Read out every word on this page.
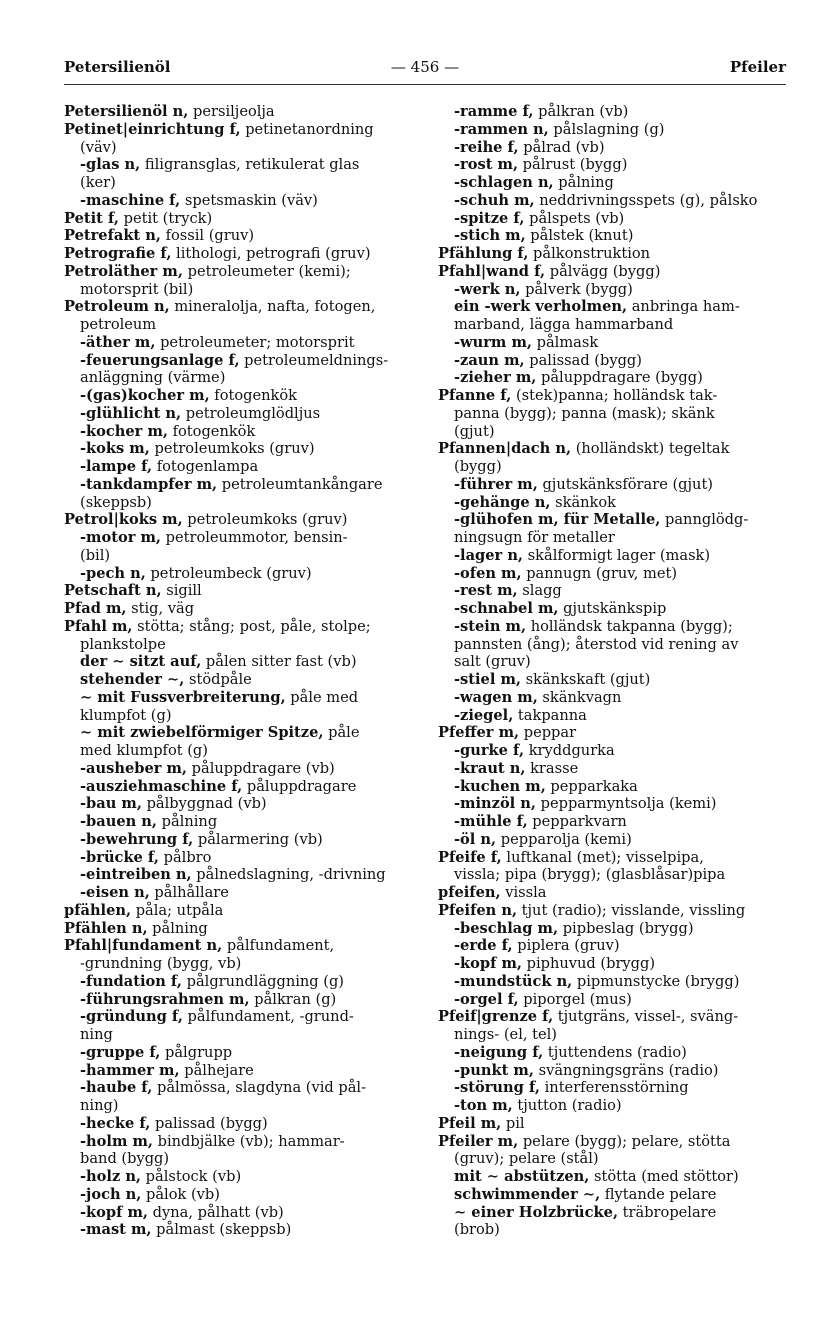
Petersilienöl	— 456 —	Pfeiler
Petersilienöl n, persiljeolja
Petinet|einrichtung f, petinetanordning
(väv)
-glas n, filigransglas, retikulerat glas
(ker)
-maschine f, spetsmaskin (väv)
Petit f, petit (tryck)
Petrefakt n, fossil (gruv)
Petrografie f, lithologi, petrografi (gruv)
Petroläther m, petroleumeter (kemi);
motorsprit (bil)
Petroleum n, mineralolja, nafta, fotogen,
petroleum
-äther m, petroleumeter; motorsprit
-feuerungsanlage f, petroleumeldnings-
anläggning (värme)
-(gas)kocher m, fotogenkök
-glühlicht n, petroleumglödljus
-kocher m, fotogenkök
-koks m, petroleumkoks (gruv)
-lampe f, fotogenlampa
-tankdampfer m, petroleumtankångare
(skeppsb)
Petrol|koks m, petroleumkoks (gruv)
-motor m, petroleummotor, bensin-
(bil)
-pech n, petroleumbeck (gruv)
Petschaft n, sigill
Pfad m, stig, väg
Pfahl m, stötta; stång; post, påle, stolpe;
plankstolpe
der ∼ sitzt auf, pålen sitter fast (vb)
stehender ∼, stödpåle
∼ mit Fussverbreiterung, påle med
klumpfot (g)
∼ mit zwiebelförmiger Spitze, påle
med klumpfot (g)
-ausheber m, påluppdragare (vb)
-ausziehmaschine f, påluppdragare
-bau m, pålbyggnad (vb)
-bauen n, pålning
-bewehrung f, pålarmering (vb)
-brücke f, pålbro
-eintreiben n, pålnedslagning, -drivning
-eisen n, pålhållare
pfählen, påla; utpåla
Pfählen n, pålning
Pfahl|fundament n, pålfundament,
-grundning (bygg, vb)
-fundation f, pålgrundläggning (g)
-führungsrahmen m, pålkran (g)
-gründung f, pålfundament, -grund-
ning
-gruppe f, pålgrupp
-hammer m, pålhejare
-haube f, pålmössa, slagdyna (vid pål-
ning)
-hecke f, palissad (bygg)
-holm m, bindbjälke (vb); hammar-
band (bygg)
-holz n, pålstock (vb)
-joch n, pålok (vb)
-kopf m, dyna, pålhatt (vb)
-mast m, pålmast (skeppsb)
-ramme f, pålkran (vb)
-rammen n, pålslagning (g)
-reihe f, pålrad (vb)
-rost m, pålrust (bygg)
-schlagen n, pålning
-schuh m, neddrivningsspets (g), pålsko
-spitze f, pålspets (vb)
-stich m, pålstek (knut)
Pfählung f, pålkonstruktion
Pfahl|wand f, pålvägg (bygg)
-werk n, pålverk (bygg)
ein -werk verholmen, anbringa ham-
marband, lägga hammarband
-wurm m, pålmask
-zaun m, palissad (bygg)
-zieher m, påluppdragare (bygg)
Pfanne f, (stek)panna; holländsk tak-
panna (bygg); panna (mask); skänk
(gjut)
Pfannen|dach n, (holländskt) tegeltak
(bygg)
-führer m, gjutskänksförare (gjut)
-gehänge n, skänkok
-glühofen m, für Metalle, pannglödg-
ningsugn för metaller
-lager n, skålformigt lager (mask)
-ofen m, pannugn (gruv, met)
-rest m, slagg
-schnabel m, gjutskänkspip
-stein m, holländsk takpanna (bygg);
pannsten (ång); återstod vid rening av
salt (gruv)
-stiel m, skänkskaft (gjut)
-wagen m, skänkvagn
-ziegel, takpanna
Pfeffer m, peppar
-gurke f, kryddgurka
-kraut n, krasse
-kuchen m, pepparkaka
-minzöl n, pepparmyntsolja (kemi)
-mühle f, pepparkvarn
-öl n, pepparolja (kemi)
Pfeife f, luftkanal (met); visselpipa,
vissla; pipa (brygg); (glasblåsar)pipa
pfeifen, vissla
Pfeifen n, tjut (radio); visslande, vissling
-beschlag m, pipbeslag (brygg)
-erde f, piplera (gruv)
-kopf m, piphuvud (brygg)
-mundstück n, pipmunstycke (brygg)
-orgel f, piporgel (mus)
Pfeif|grenze f, tjutgräns, vissel-, sväng-
nings- (el, tel)
-neigung f, tjuttendens (radio)
-punkt m, svängningsgräns (radio)
-störung f, interferensstörning
-ton m, tjutton (radio)
Pfeil m, pil
Pfeiler m, pelare (bygg); pelare, stötta
(gruv); pelare (stål)
mit ∼ abstützen, stötta (med stöttor)
schwimmender ∼, flytande pelare
∼ einer Holzbrücke, träbropelare
(brob)
